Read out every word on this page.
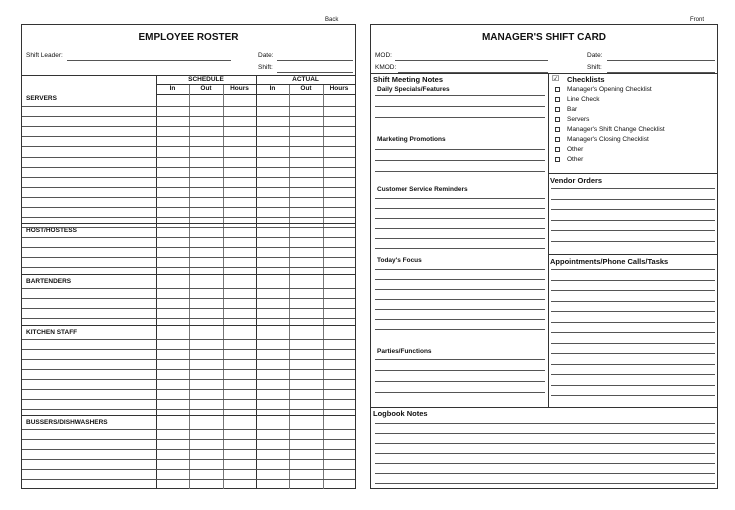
Back
EMPLOYEE ROSTER
Shift Leader:	Date:
Shift:
SCHEDULE	ACTUAL
In	Out	Hours	In	Out	Hours
SERVERS
HOST/HOSTESS
BARTENDERS
KITCHEN STAFF
BUSSERS/DISHWASHERS
Front
MANAGER'S SHIFT CARD
MOD:
KMOD:
Date:
Shift:
Shift Meeting Notes
Daily Specials/Features
Marketing Promotions
Customer Service Reminders
Today's Focus
Parties/Functions
☑ Checklists
Manager's Opening Checklist
Line Check
Bar
Servers
Manager's Shift Change Checklist
Manager's Closing Checklist
Other
Other
Vendor Orders
Appointments/Phone Calls/Tasks
Logbook Notes
